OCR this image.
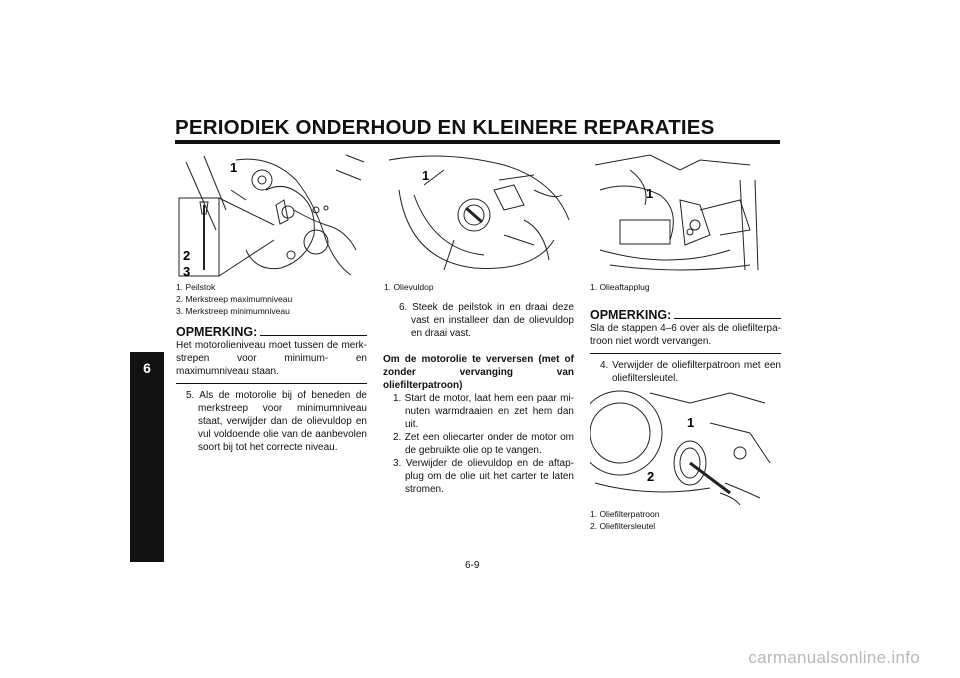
PERIODIEK ONDERHOUD EN KLEINERE REPARATIES
6
1
2
3
1. Peilstok
2. Merkstreep maximumniveau
3. Merkstreep minimumniveau
1
1. Olievuldop
1
1. Olieaftapplug
1
2
1. Oliefilterpatroon
2. Oliefiltersleutel
OPMERKING:
Het motorolieniveau moet tussen de merk-strepen voor minimum- en maximumniveau staan.
5. Als de motorolie bij of beneden de merkstreep voor minimumniveau staat, verwijder dan de olievuldop en vul voldoende olie van de aanbevolen soort bij tot het correcte niveau.
6. Steek de peilstok in en draai deze vast en installeer dan de olievuldop en draai vast.
Om de motorolie te verversen (met of zonder vervanging van oliefilterpatroon)
1. Start de motor, laat hem een paar mi-nuten warmdraaien en zet hem dan uit.
2. Zet een oliecarter onder de motor om de gebruikte olie op te vangen.
3. Verwijder de olievuldop en de aftap-plug om de olie uit het carter te laten stromen.
OPMERKING:
Sla de stappen 4–6 over als de oliefilterpa-troon niet wordt vervangen.
4. Verwijder de oliefilterpatroon met een oliefiltersleutel.
6-9
carmanualsonline.info
